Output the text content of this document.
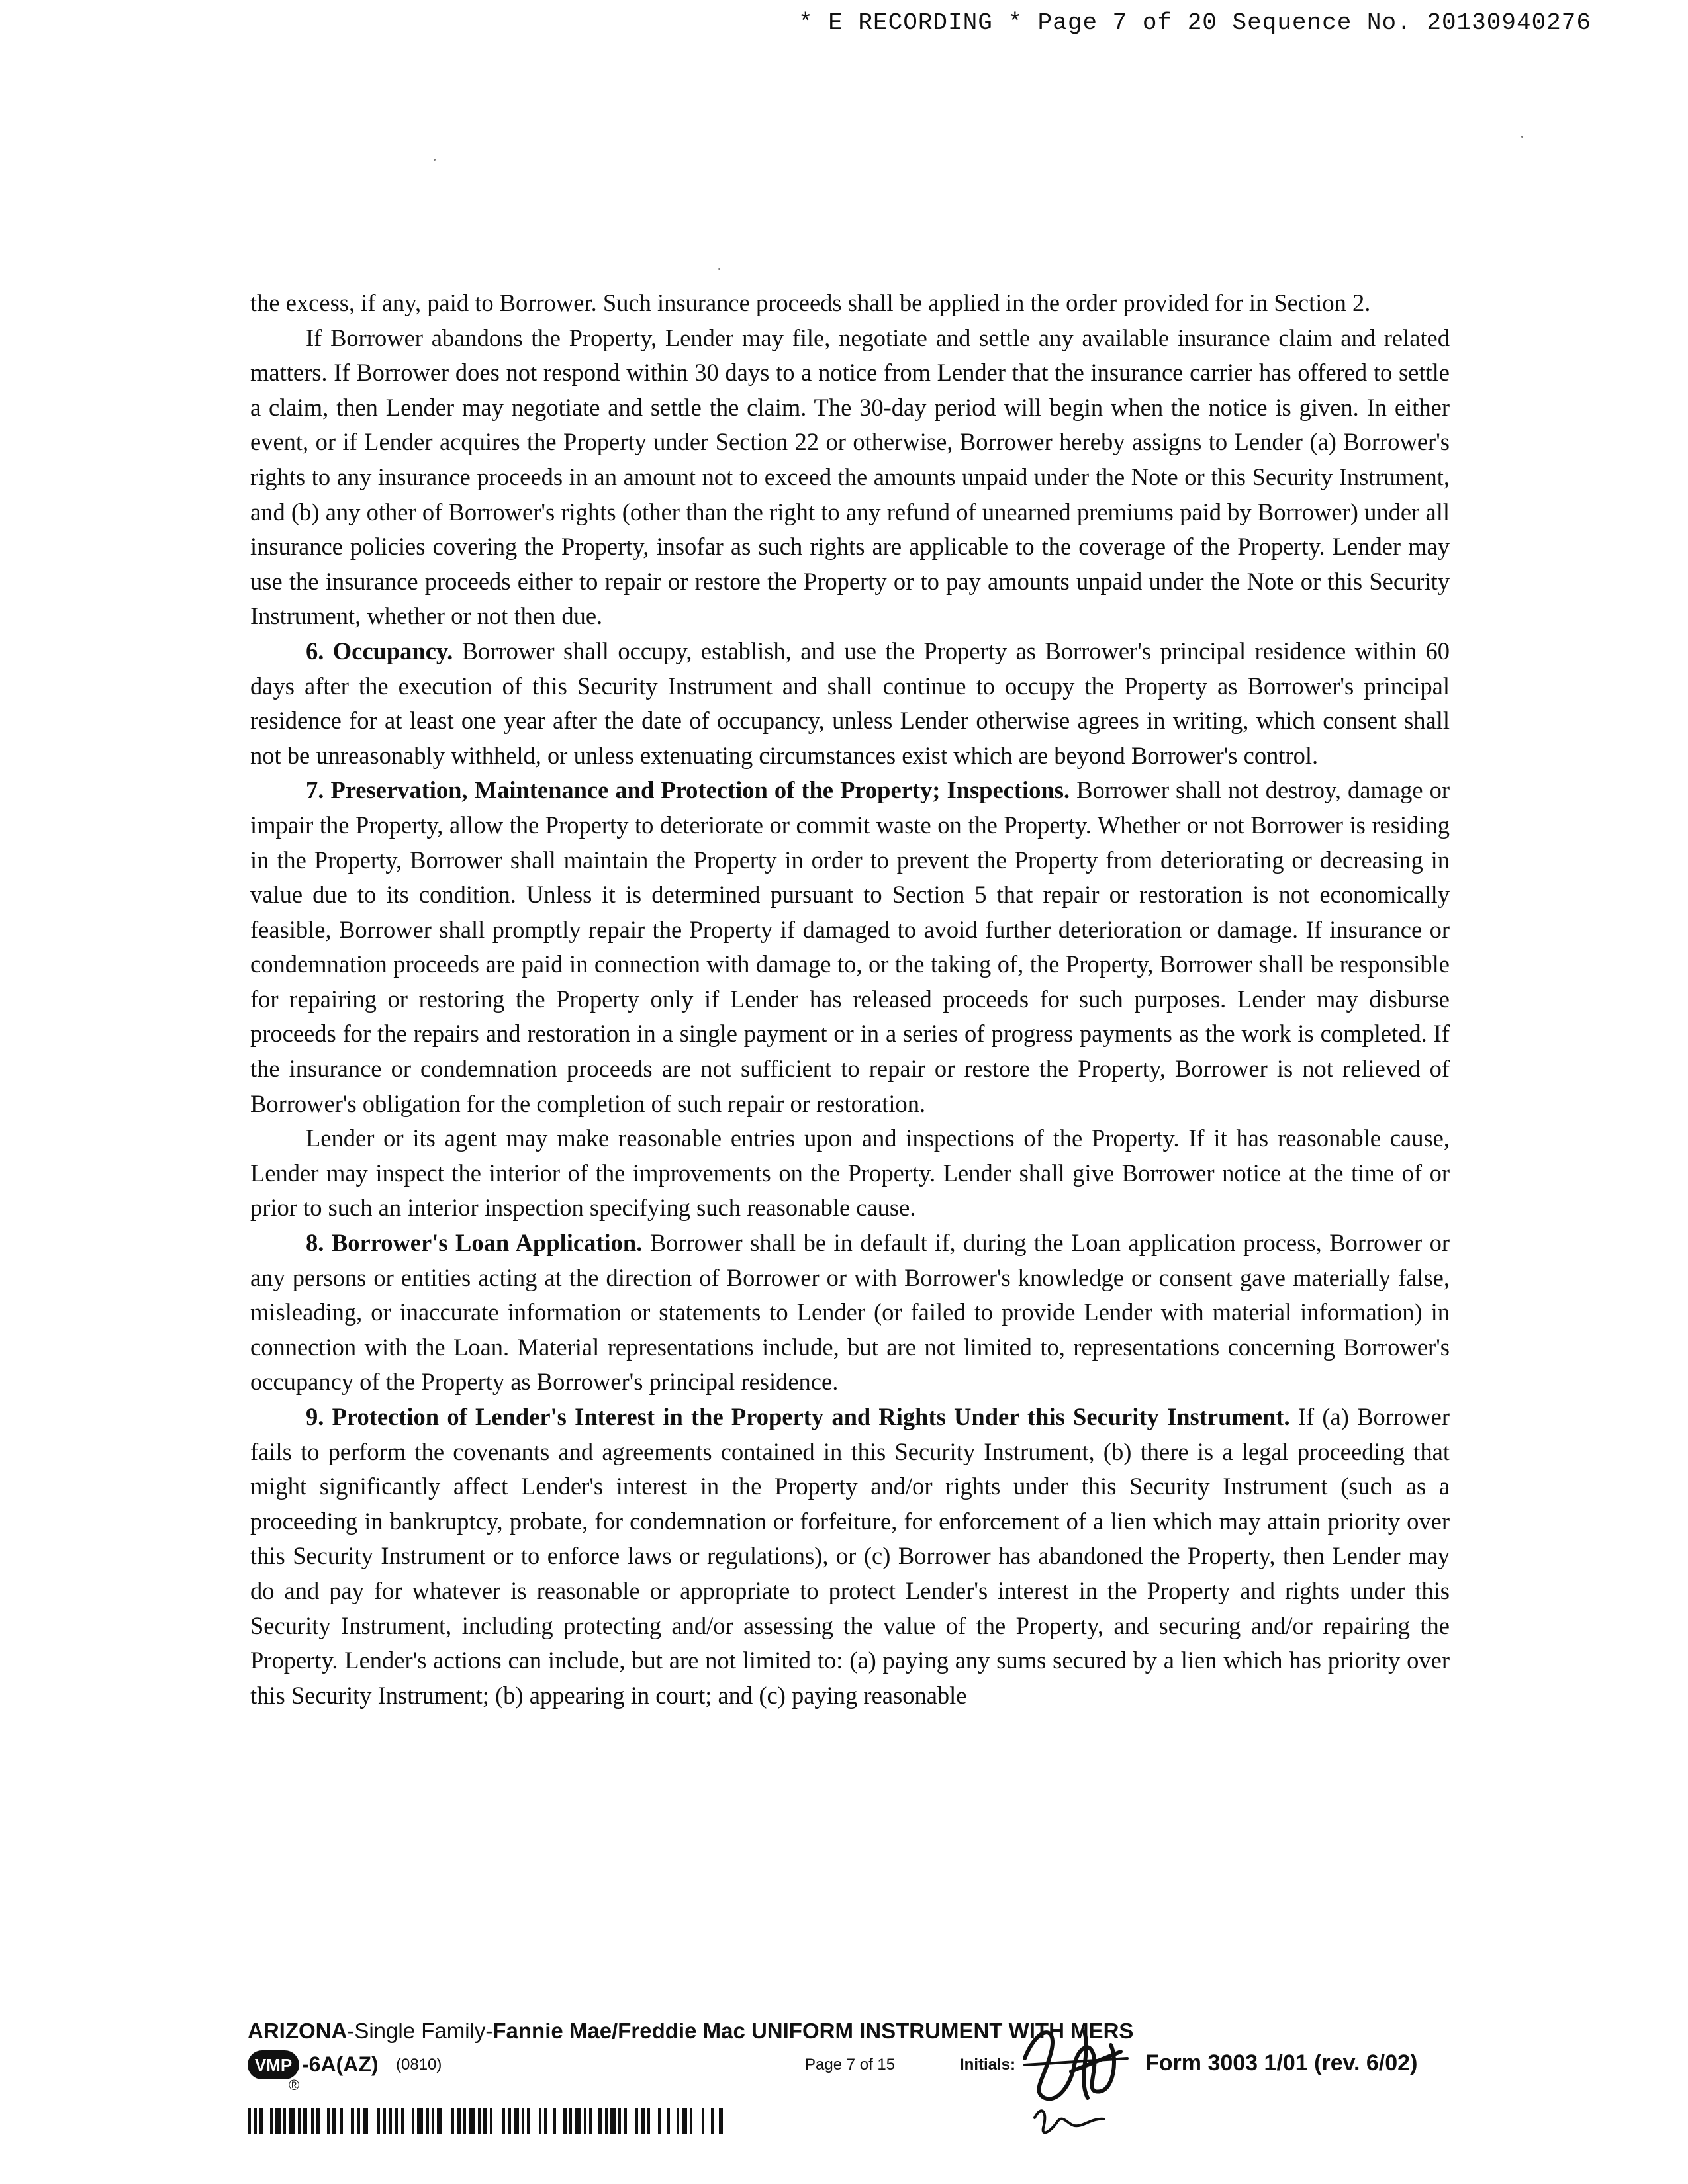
* E RECORDING * Page 7 of 20 Sequence No. 20130940276

the excess, if any, paid to Borrower. Such insurance proceeds shall be applied in the order provided for in Section 2.

If Borrower abandons the Property, Lender may file, negotiate and settle any available insurance claim and related matters. If Borrower does not respond within 30 days to a notice from Lender that the insurance carrier has offered to settle a claim, then Lender may negotiate and settle the claim. The 30-day period will begin when the notice is given. In either event, or if Lender acquires the Property under Section 22 or otherwise, Borrower hereby assigns to Lender (a) Borrower's rights to any insurance proceeds in an amount not to exceed the amounts unpaid under the Note or this Security Instrument, and (b) any other of Borrower's rights (other than the right to any refund of unearned premiums paid by Borrower) under all insurance policies covering the Property, insofar as such rights are applicable to the coverage of the Property. Lender may use the insurance proceeds either to repair or restore the Property or to pay amounts unpaid under the Note or this Security Instrument, whether or not then due.

6. Occupancy. Borrower shall occupy, establish, and use the Property as Borrower's principal residence within 60 days after the execution of this Security Instrument and shall continue to occupy the Property as Borrower's principal residence for at least one year after the date of occupancy, unless Lender otherwise agrees in writing, which consent shall not be unreasonably withheld, or unless extenuating circumstances exist which are beyond Borrower's control.

7. Preservation, Maintenance and Protection of the Property; Inspections. Borrower shall not destroy, damage or impair the Property, allow the Property to deteriorate or commit waste on the Property. Whether or not Borrower is residing in the Property, Borrower shall maintain the Property in order to prevent the Property from deteriorating or decreasing in value due to its condition. Unless it is determined pursuant to Section 5 that repair or restoration is not economically feasible, Borrower shall promptly repair the Property if damaged to avoid further deterioration or damage. If insurance or condemnation proceeds are paid in connection with damage to, or the taking of, the Property, Borrower shall be responsible for repairing or restoring the Property only if Lender has released proceeds for such purposes. Lender may disburse proceeds for the repairs and restoration in a single payment or in a series of progress payments as the work is completed. If the insurance or condemnation proceeds are not sufficient to repair or restore the Property, Borrower is not relieved of Borrower's obligation for the completion of such repair or restoration.

Lender or its agent may make reasonable entries upon and inspections of the Property. If it has reasonable cause, Lender may inspect the interior of the improvements on the Property. Lender shall give Borrower notice at the time of or prior to such an interior inspection specifying such reasonable cause.

8. Borrower's Loan Application. Borrower shall be in default if, during the Loan application process, Borrower or any persons or entities acting at the direction of Borrower or with Borrower's knowledge or consent gave materially false, misleading, or inaccurate information or statements to Lender (or failed to provide Lender with material information) in connection with the Loan. Material representations include, but are not limited to, representations concerning Borrower's occupancy of the Property as Borrower's principal residence.

9. Protection of Lender's Interest in the Property and Rights Under this Security Instrument. If (a) Borrower fails to perform the covenants and agreements contained in this Security Instrument, (b) there is a legal proceeding that might significantly affect Lender's interest in the Property and/or rights under this Security Instrument (such as a proceeding in bankruptcy, probate, for condemnation or forfeiture, for enforcement of a lien which may attain priority over this Security Instrument or to enforce laws or regulations), or (c) Borrower has abandoned the Property, then Lender may do and pay for whatever is reasonable or appropriate to protect Lender's interest in the Property and rights under this Security Instrument, including protecting and/or assessing the value of the Property, and securing and/or repairing the Property. Lender's actions can include, but are not limited to: (a) paying any sums secured by a lien which has priority over this Security Instrument; (b) appearing in court; and (c) paying reasonable

ARIZONA-Single Family-Fannie Mae/Freddie Mac UNIFORM INSTRUMENT WITH MERS
VMP
®
-6A(AZ) (0810)	Page 7 of 15	Initials:	Form 3003 1/01 (rev. 6/02)
